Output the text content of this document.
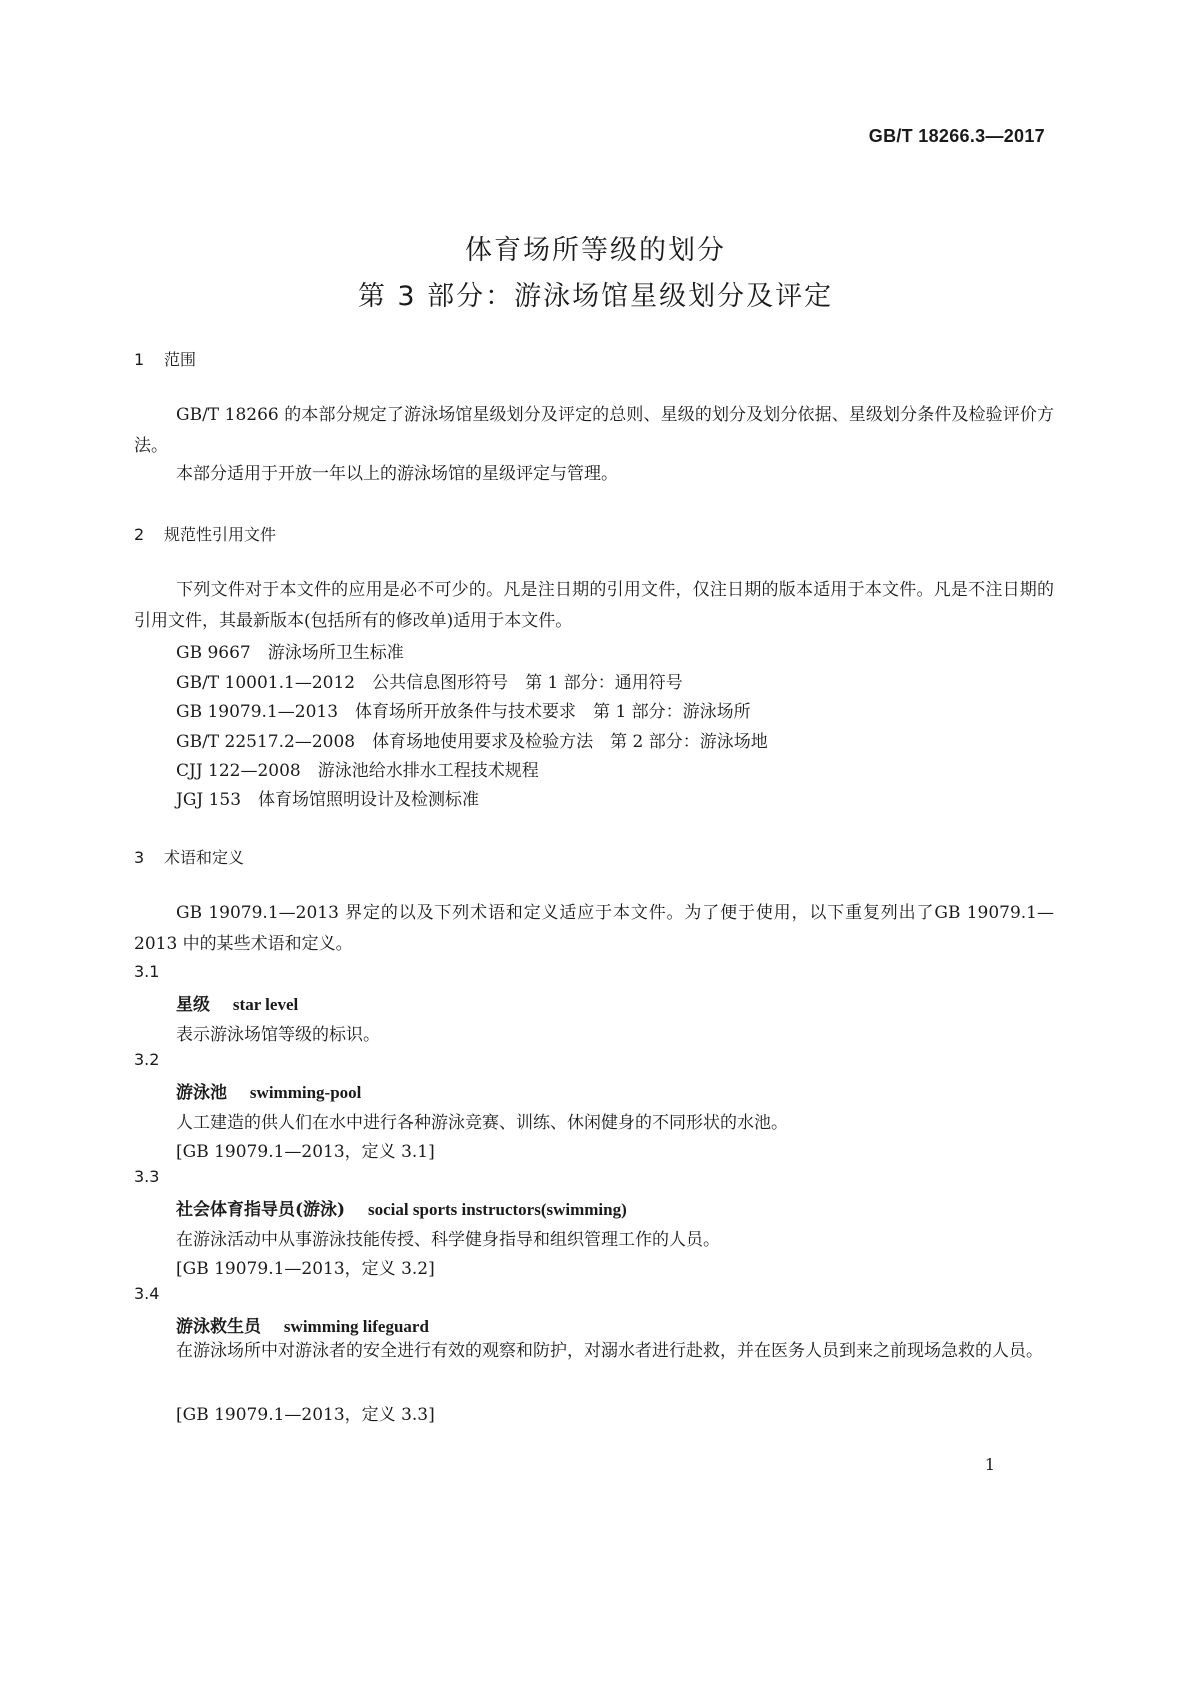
GB/T 18266.3—2017
体育场所等级的划分
第 3 部分：游泳场馆星级划分及评定
1 范围
GB/T 18266 的本部分规定了游泳场馆星级划分及评定的总则、星级的划分及划分依据、星级划分条件及检验评价方法。
本部分适用于开放一年以上的游泳场馆的星级评定与管理。
2 规范性引用文件
下列文件对于本文件的应用是必不可少的。凡是注日期的引用文件，仅注日期的版本适用于本文件。凡是不注日期的引用文件，其最新版本(包括所有的修改单)适用于本文件。
GB 9667　游泳场所卫生标准
GB/T 10001.1—2012　公共信息图形符号　第 1 部分：通用符号
GB 19079.1—2013　体育场所开放条件与技术要求　第 1 部分：游泳场所
GB/T 22517.2—2008　体育场地使用要求及检验方法　第 2 部分：游泳场地
CJJ 122—2008　游泳池给水排水工程技术规程
JGJ 153　体育场馆照明设计及检测标准
3 术语和定义
GB 19079.1—2013 界定的以及下列术语和定义适应于本文件。为了便于使用，以下重复列出了GB 19079.1—2013 中的某些术语和定义。
3.1
星级　 star level
表示游泳场馆等级的标识。
3.2
游泳池　 swimming-pool
人工建造的供人们在水中进行各种游泳竞赛、训练、休闲健身的不同形状的水池。
[GB 19079.1—2013，定义 3.1]
3.3
社会体育指导员(游泳)　 social sports instructors(swimming)
在游泳活动中从事游泳技能传授、科学健身指导和组织管理工作的人员。
[GB 19079.1—2013，定义 3.2]
3.4
游泳救生员　 swimming lifeguard
在游泳场所中对游泳者的安全进行有效的观察和防护，对溺水者进行赴救，并在医务人员到来之前现场急救的人员。
[GB 19079.1—2013，定义 3.3]
1
